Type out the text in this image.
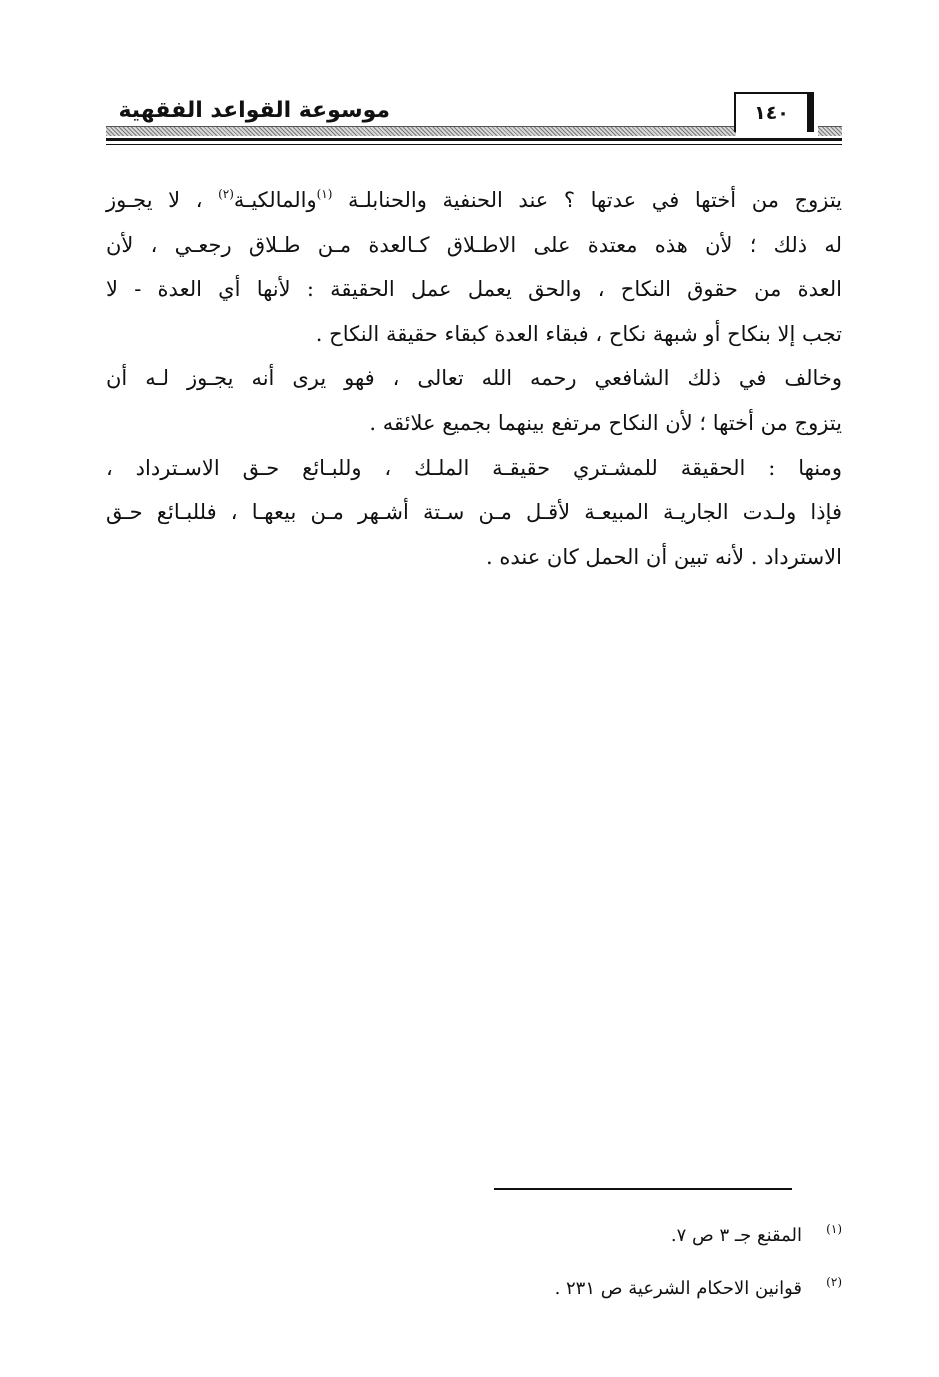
موسوعة القواعد الفقهية	١٤٠
يتزوج من أختها في عدتها ؟ عند الحنفية والحنابلـة $^{(١)}$والمالكيـة$^{(٢)}$ ، لا يجـوز
له ذلك ؛ لأن هذه معتدة على الاطـلاق كـالعدة مـن طـلاق رجعـي ، لأن
العدة من حقوق النكاح ، والحق يعمل عمل الحقيقة : لأنها أي العدة - لا
تجب إلا بنكاح أو شبهة نكاح ، فبقاء العدة كبقاء حقيقة النكاح .
وخالف في ذلك الشافعي رحمه الله تعالى ، فهو يرى أنه يجـوز لـه أن
يتزوج من أختها ؛ لأن النكاح مرتفع بينهما بجميع علائقه .
ومنها : الحقيقة للمشـتري حقيقـة الملـك ، وللبـائع حـق الاسـترداد ،
فإذا ولـدت الجاريـة المبيعـة لأقـل مـن سـتة أشـهر مـن بيعهـا ، فللبـائع حـق
الاسترداد . لأنه تبين أن الحمل كان عنده .
(١)المقنع جـ ٣ ص ٧.
(٢)قوانين الاحكام الشرعية ص ٢٣١ .
